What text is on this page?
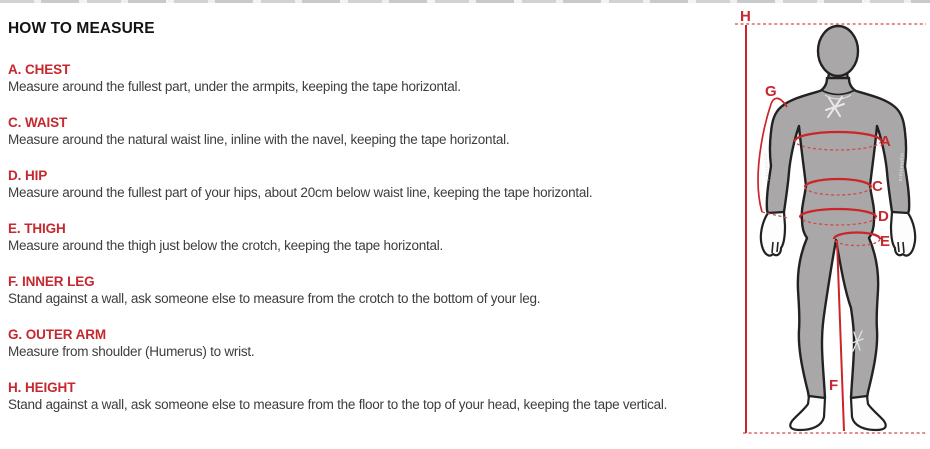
HOW TO MEASURE
A. CHEST

Measure around the fullest part, under the armpits, keeping the tape horizontal.

C. WAIST

Measure around the natural waist line, inline with the navel, keeping the tape horizontal.

D. HIP

Measure around the fullest part of your hips, about 20cm below waist line, keeping the tape horizontal.

E. THIGH

Measure around the thigh just below the crotch, keeping the tape horizontal.

F. INNER LEG

Stand against a wall, ask someone else to measure from the crotch to the bottom of your leg.

G. OUTER ARM

Measure from shoulder (Humerus) to wrist.

H. HEIGHT

Stand against a wall, ask someone else to measure from the floor to the top of your head, keeping the tape vertical.

alpinestars	alpinestars
H
G
A
C
D
E
F
